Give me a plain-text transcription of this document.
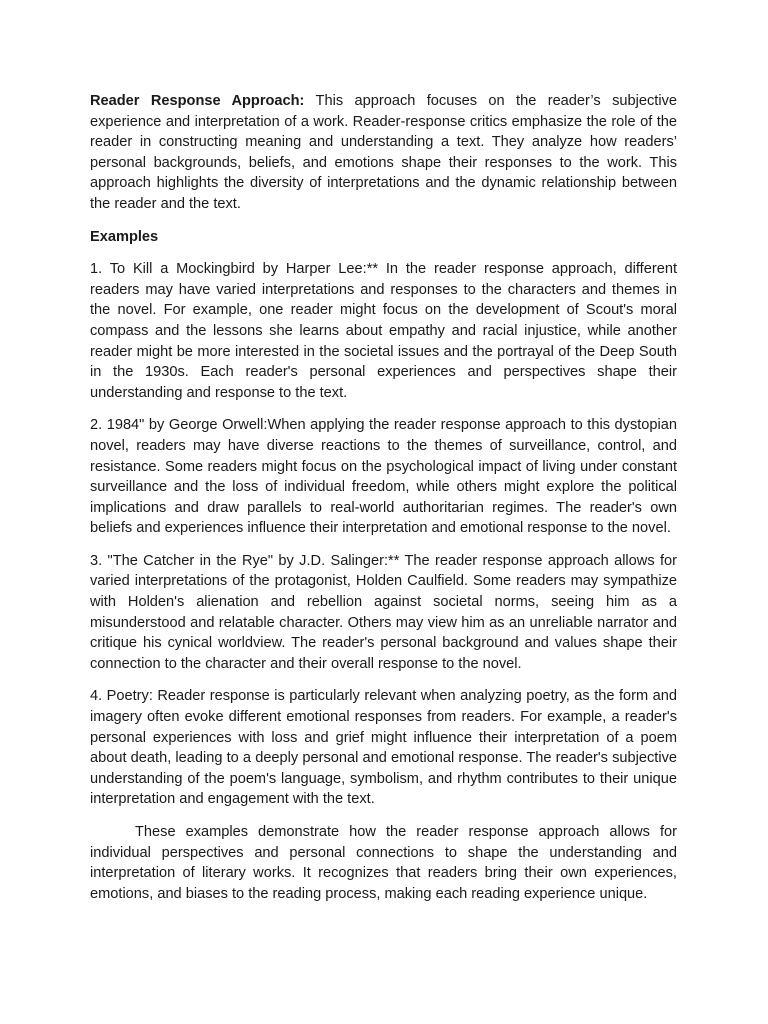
Reader Response Approach: This approach focuses on the reader’s subjective experience and interpretation of a work. Reader-response critics emphasize the role of the reader in constructing meaning and understanding a text. They analyze how readers’ personal backgrounds, beliefs, and emotions shape their responses to the work. This approach highlights the diversity of interpretations and the dynamic relationship between the reader and the text.

Examples

1. To Kill a Mockingbird by Harper Lee:** In the reader response approach, different readers may have varied interpretations and responses to the characters and themes in the novel. For example, one reader might focus on the development of Scout's moral compass and the lessons she learns about empathy and racial injustice, while another reader might be more interested in the societal issues and the portrayal of the Deep South in the 1930s. Each reader's personal experiences and perspectives shape their understanding and response to the text.

2. 1984" by George Orwell:When applying the reader response approach to this dystopian novel, readers may have diverse reactions to the themes of surveillance, control, and resistance. Some readers might focus on the psychological impact of living under constant surveillance and the loss of individual freedom, while others might explore the political implications and draw parallels to real-world authoritarian regimes. The reader's own beliefs and experiences influence their interpretation and emotional response to the novel.

3. "The Catcher in the Rye" by J.D. Salinger:** The reader response approach allows for varied interpretations of the protagonist, Holden Caulfield. Some readers may sympathize with Holden's alienation and rebellion against societal norms, seeing him as a misunderstood and relatable character. Others may view him as an unreliable narrator and critique his cynical worldview. The reader's personal background and values shape their connection to the character and their overall response to the novel.

4. Poetry: Reader response is particularly relevant when analyzing poetry, as the form and imagery often evoke different emotional responses from readers. For example, a reader's personal experiences with loss and grief might influence their interpretation of a poem about death, leading to a deeply personal and emotional response. The reader's subjective understanding of the poem's language, symbolism, and rhythm contributes to their unique interpretation and engagement with the text.

These examples demonstrate how the reader response approach allows for individual perspectives and personal connections to shape the understanding and interpretation of literary works. It recognizes that readers bring their own experiences, emotions, and biases to the reading process, making each reading experience unique.
